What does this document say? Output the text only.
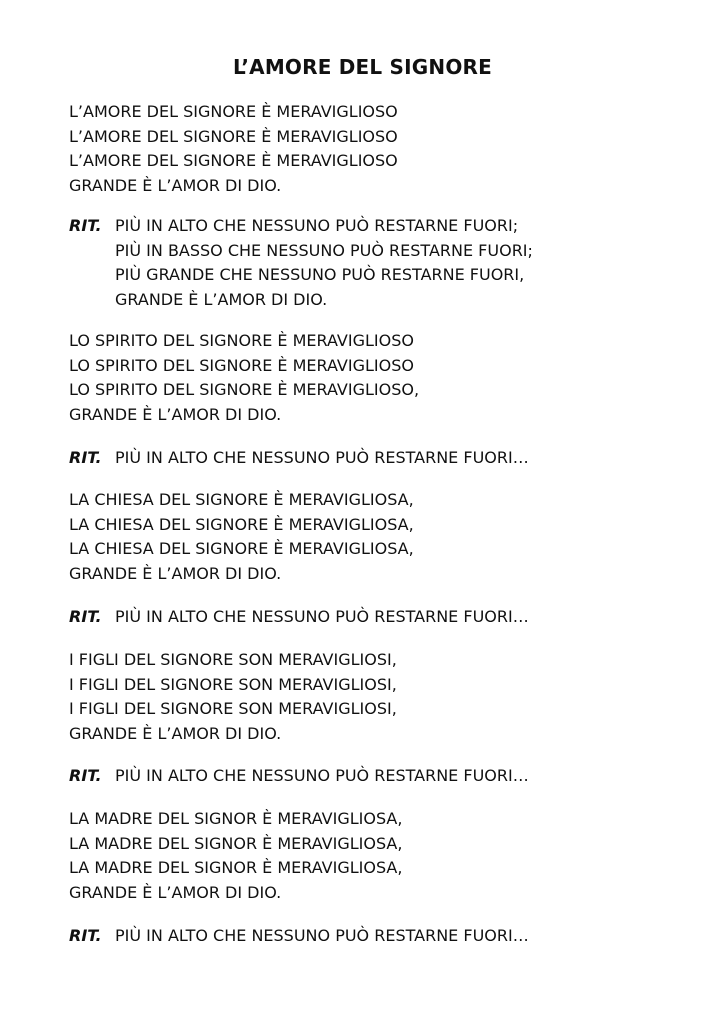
L’AMORE DEL SIGNORE
L’AMORE DEL SIGNORE È MERAVIGLIOSO
L’AMORE DEL SIGNORE È MERAVIGLIOSO
L’AMORE DEL SIGNORE È MERAVIGLIOSO
GRANDE È L’AMOR DI DIO.
RIT. PIÙ IN ALTO CHE NESSUNO PUÒ RESTARNE FUORI;
PIÙ IN BASSO CHE NESSUNO PUÒ RESTARNE FUORI;
PIÙ GRANDE CHE NESSUNO PUÒ RESTARNE FUORI,
GRANDE È L’AMOR DI DIO.
LO SPIRITO DEL SIGNORE È MERAVIGLIOSO
LO SPIRITO DEL SIGNORE È MERAVIGLIOSO
LO SPIRITO DEL SIGNORE È MERAVIGLIOSO,
GRANDE È L’AMOR DI DIO.
RIT. PIÙ IN ALTO CHE NESSUNO PUÒ RESTARNE FUORI…
LA CHIESA DEL SIGNORE È MERAVIGLIOSA,
LA CHIESA DEL SIGNORE È MERAVIGLIOSA,
LA CHIESA DEL SIGNORE È MERAVIGLIOSA,
GRANDE È L’AMOR DI DIO.
RIT. PIÙ IN ALTO CHE NESSUNO PUÒ RESTARNE FUORI…
I FIGLI DEL SIGNORE SON MERAVIGLIOSI,
I FIGLI DEL SIGNORE SON MERAVIGLIOSI,
I FIGLI DEL SIGNORE SON MERAVIGLIOSI,
GRANDE È L’AMOR DI DIO.
RIT. PIÙ IN ALTO CHE NESSUNO PUÒ RESTARNE FUORI…
LA MADRE DEL SIGNOR È MERAVIGLIOSA,
LA MADRE DEL SIGNOR È MERAVIGLIOSA,
LA MADRE DEL SIGNOR È MERAVIGLIOSA,
GRANDE È L’AMOR DI DIO.
RIT. PIÙ IN ALTO CHE NESSUNO PUÒ RESTARNE FUORI…
